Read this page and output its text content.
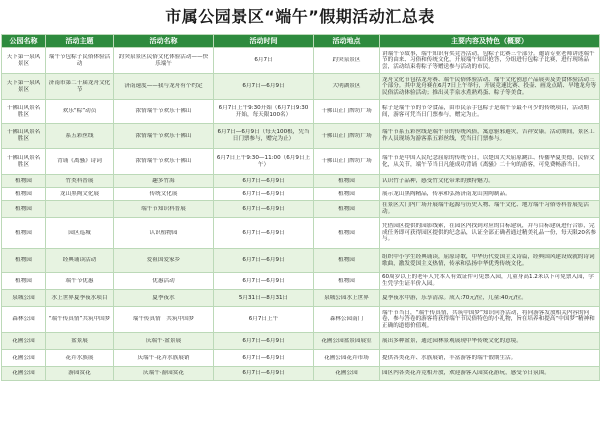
市属公园景区“端午”假期活动汇总表
公园名称	活动主题	活动名称	活动时间	活动地点	主要内容及特色（概要）

天下第一泉风景区	端午节包粽子民俗体验活动	趵突泉景区民俗文化体验活动——快乐端午	6月7日	趵突泉景区	讲端午节故事，端午知识有奖竞答活动，包粽子比赛三个部分。邀请专业老师讲述端午节的由来、习俗和传统文化，开展端午知识抢答，分组进行包粽子比赛，进行现场品尝，活动结束将粽子等赠送参与活动的市民。

天下第一泉风景区	济南市第二十届龙舟文化节	济南速度——我与龙舟有个约定	6月7日—6月9日	大明湖景区	龙舟文化节包括龙舟赛、端午民俗体验活动、端午文化创意产品展卖及美食体验活动三个部分。其中龙舟赛在6月7日上午举行，开展竞速比赛、投壶、画龙点睛、旱地龙舟等民俗活动体验活动；推出灵芋泉水煮熟鸡蛋、粽子等美食。

千佛山风景名胜区	欢乐“粽”动员	浓情端午节欢乐千佛山	6月7日上午9:30开始（6月7日9:30开始，每天限100名）	千佛山正门牌坊广场	粽子是端午节的节令食品，由市民亲手包粽子是端午节最不可少的传统项目，活动期间，游客可凭当日门票参与，赠完为止。

千佛山风景名胜区	系五彩丝线	浓情端午节欢乐千佛山	6月7日—6月9日（每天100根，凭当日门票参与，赠完为止）	千佛山正门牌坊广场	端午节系五彩丝线是端午节的传统风俗，寓意驱邪避灾，吉祥安康。活动期间，景区工作人员现场为游客系五彩丝线，凭当日门票参与。

千佛山风景名胜区	背诵《离骚》诗词	浓情端午节欢乐千佛山	6月7日上午9:30—11:00（6月9日上午）	千佛山正门牌坊广场	端午节是中国人民纪念屈原的传统节日，以楚国大夫屈原跳江、传播华夏美德，民俗文化，从关节，端午节当日凡能成功背诵《离骚》二十句的游客，可免费畅游当日。

植物园	竹类科普展	趣多竹海	6月7日—6月9日	植物园	认识竹子品种，感受竹文化带来的独特魅力。

植物园	龙山黑陶文化展	传统文化展	6月7日—6月9日	植物园	展示龙山黑陶精品，传承和弘扬济南龙山黑陶制品。

植物园		端午节知识科普展	6月7日—6月9日	植物园	在景区大门内广场开展端午起源与历史人物、端午文化、地方端午习俗等科普展览活动。

植物园	园区巡城	认识植物园	6月7日—6月9日	植物园	凭借园区提供的园影线索，在园区内找到对应的目标建筑，并与目标建筑进行合影，完成任务即可获得园区提供的纪念品，认证全部正确者通过精美礼品一份，每天限20名参与。

植物园	经典诵读活动	爱祖国爱家乡	6月7日—6月9日	植物园	组织中小学生经典诵读，屈原诗歌，中华历代爱国主义诗篇，经典国风建设成就的诗词歌曲，激发爱国主义热情，传承和弘扬中华优秀传统文化。

植物园	端午节优惠	优惠活动	6月7日—6月9日	植物园	60周岁以上的老年人凭本人有效证件可免票入园，儿童身高1.2米以下可免票入园，学生凭学生证半价入园。

泉城公园	水上世界夏季夜水项目	夏季夜水	5月31日—8月31日	泉城公园水上世界	夏季夜水中游，乐享清凉。成人:70元/位，儿童:40元/位。

森林公园	“端午传真情”共筑中国梦	端午传真情　共筑中国梦	6月7日上午	森林公园南门	端午节当日，“端午传真情，共筑中国梦”知识问答活动，将向游客发放相关内容的问卷，参与答卷的游客将获得端午节民俗特色的小礼物，旨在培养和提高“中国梦”精神和正确的道德价值观。

花圃公园	盆景展	庆端午·盆景展	6月7日—6月9日	花圃公园盆景园展室	展出多种盆景，通过园林景观展现中华传统文化的意境。

花圃公园	花卉水族展	庆端午·花卉水族展销	6月7日—6月9日	花圃公园花卉市场	提供各类花卉、水族展销，丰富游客的端午假期生活。

花圃公园	游园赏花	庆端午·游园赏花	6月7日—6月9日	花圃公园	园区内各类花卉竞相开放，欢迎游客入园赏花游玩，感受节日氛围。
